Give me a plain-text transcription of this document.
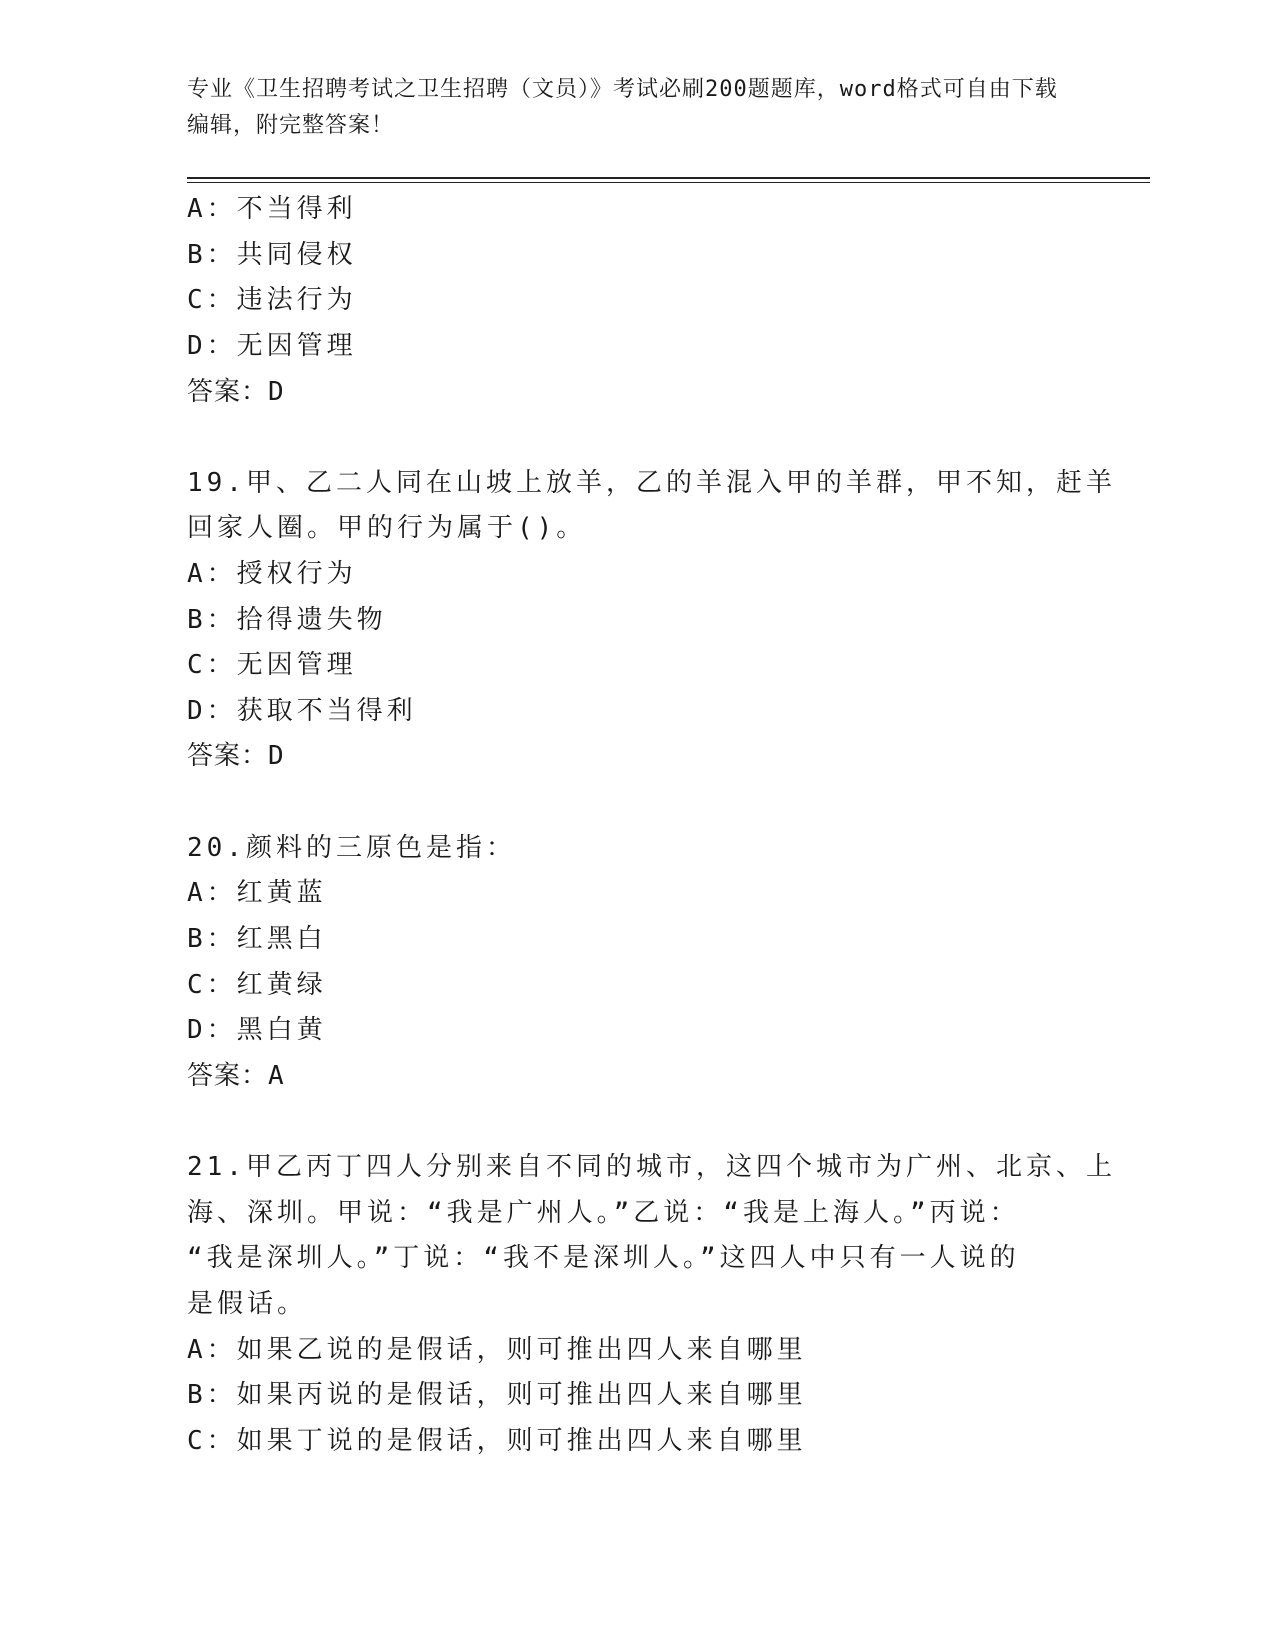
专业《卫生招聘考试之卫生招聘（文员）》考试必刷200题题库，word格式可自由下载编辑，附完整答案！

A：不当得利

B：共同侵权

C：违法行为

D：无因管理

答案：D

19.甲、乙二人同在山坡上放羊，乙的羊混入甲的羊群，甲不知，赶羊

回家人圈。甲的行为属于()。

A：授权行为

B：拾得遗失物

C：无因管理

D：获取不当得利

答案：D

20.颜料的三原色是指：

A：红黄蓝

B：红黑白

C：红黄绿

D：黑白黄

答案：A

21.甲乙丙丁四人分别来自不同的城市，这四个城市为广州、北京、上

海、深圳。甲说：“我是广州人。”乙说：“我是上海人。”丙说：

“我是深圳人。”丁说：“我不是深圳人。”这四人中只有一人说的

是假话。

A：如果乙说的是假话，则可推出四人来自哪里

B：如果丙说的是假话，则可推出四人来自哪里

C：如果丁说的是假话，则可推出四人来自哪里
